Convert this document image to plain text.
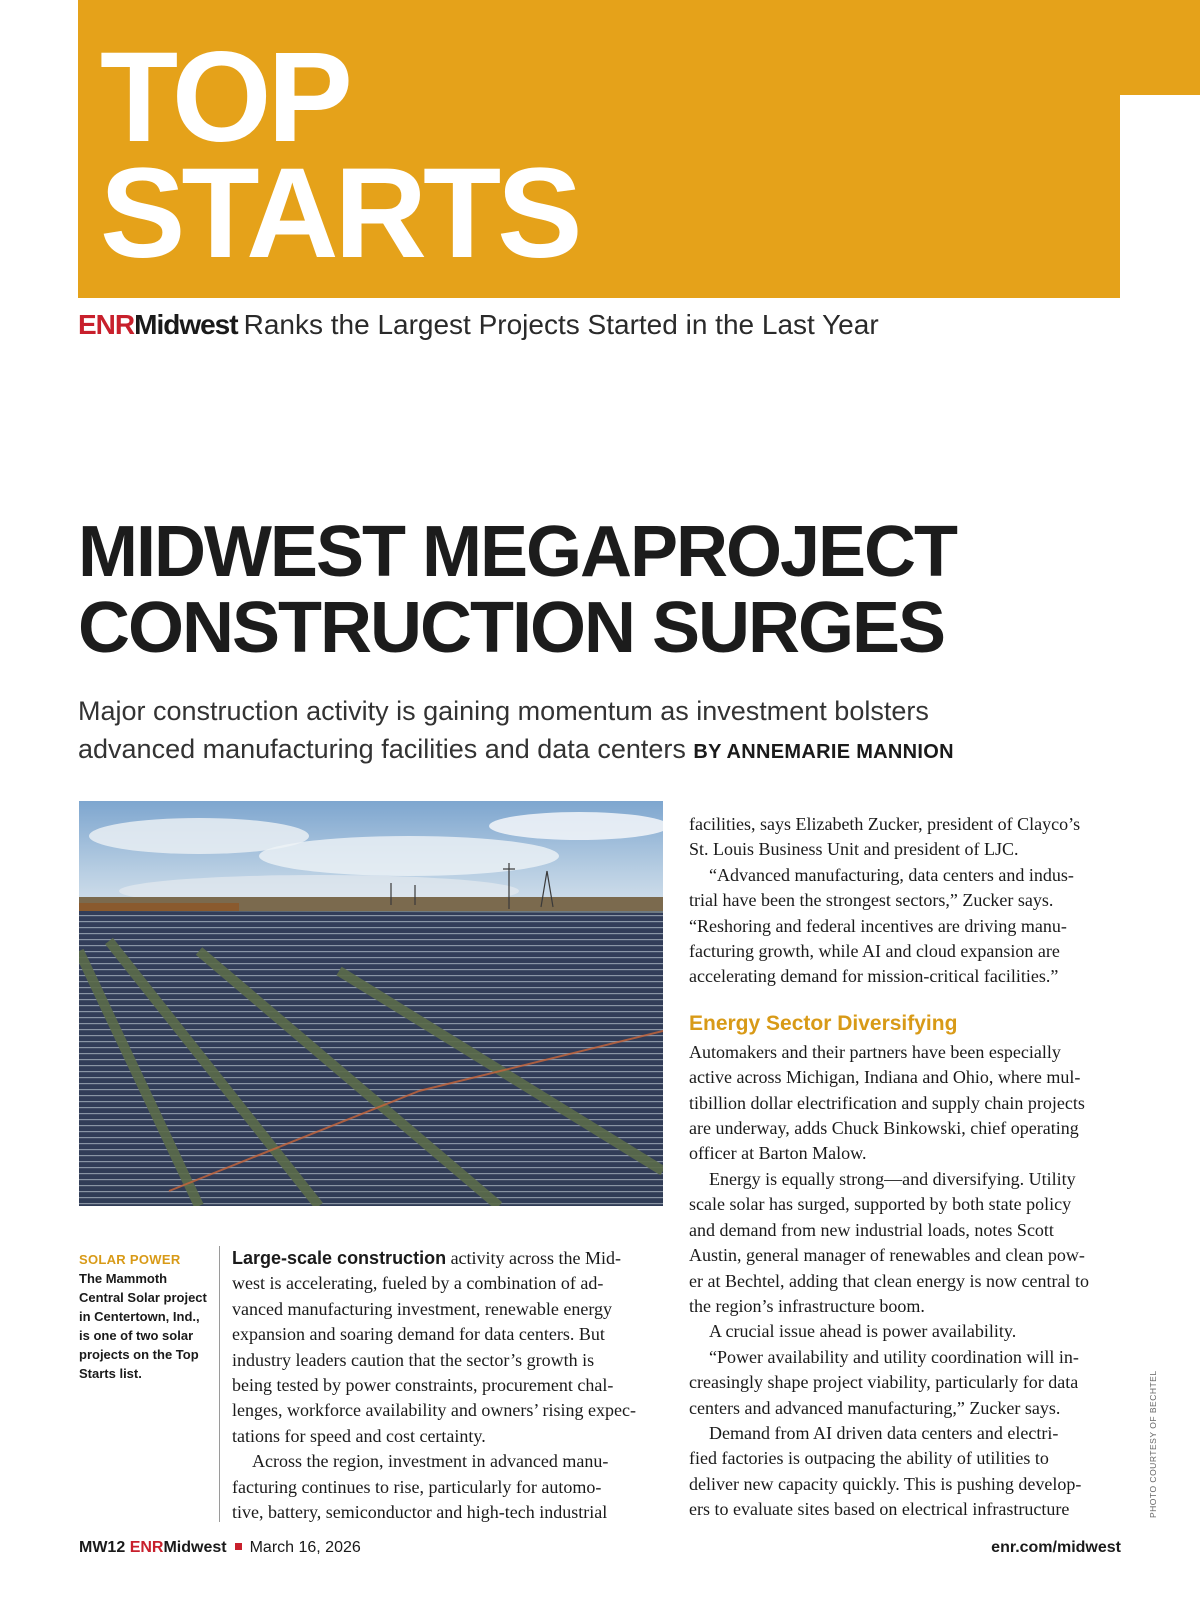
TOP
STARTS
ENRMidwest Ranks the Largest Projects Started in the Last Year
MIDWEST MEGAPROJECT
CONSTRUCTION SURGES
Major construction activity is gaining momentum as investment bolsters
advanced manufacturing facilities and data centers BY ANNEMARIE MANNION
SOLAR POWER
The Mammoth Central Solar project in Centertown, Ind., is one of two solar projects on the Top Starts list.

Large-scale construction activity across the Mid-
west is accelerating, fueled by a combination of ad-
vanced manufacturing investment, renewable energy
expansion and soaring demand for data centers. But
industry leaders caution that the sector’s growth is
being tested by power constraints, procurement chal-
lenges, workforce availability and owners’ rising expec-
tations for speed and cost certainty.

Across the region, investment in advanced manu-
facturing continues to rise, particularly for automo-
tive, battery, semiconductor and high-tech industrial

facilities, says Elizabeth Zucker, president of Clayco’s
St. Louis Business Unit and president of LJC.

“Advanced manufacturing, data centers and indus-
trial have been the strongest sectors,” Zucker says.
“Reshoring and federal incentives are driving manu-
facturing growth, while AI and cloud expansion are
accelerating demand for mission-critical facilities.”

Energy Sector Diversifying

Automakers and their partners have been especially
active across Michigan, Indiana and Ohio, where mul-
tibillion dollar electrification and supply chain projects
are underway, adds Chuck Binkowski, chief operating
officer at Barton Malow.

Energy is equally strong—and diversifying. Utility
scale solar has surged, supported by both state policy
and demand from new industrial loads, notes Scott
Austin, general manager of renewables and clean pow-
er at Bechtel, adding that clean energy is now central to
the region’s infrastructure boom.

A crucial issue ahead is power availability.

“Power availability and utility coordination will in-
creasingly shape project viability, particularly for data
centers and advanced manufacturing,” Zucker says.

Demand from AI driven data centers and electri-
fied factories is outpacing the ability of utilities to
deliver new capacity quickly. This is pushing develop-
ers to evaluate sites based on electrical infrastructure	PHOTO COURTESY OF BECHTEL
MW12 ENRMidwest March 16, 2026	enr.com/midwest
